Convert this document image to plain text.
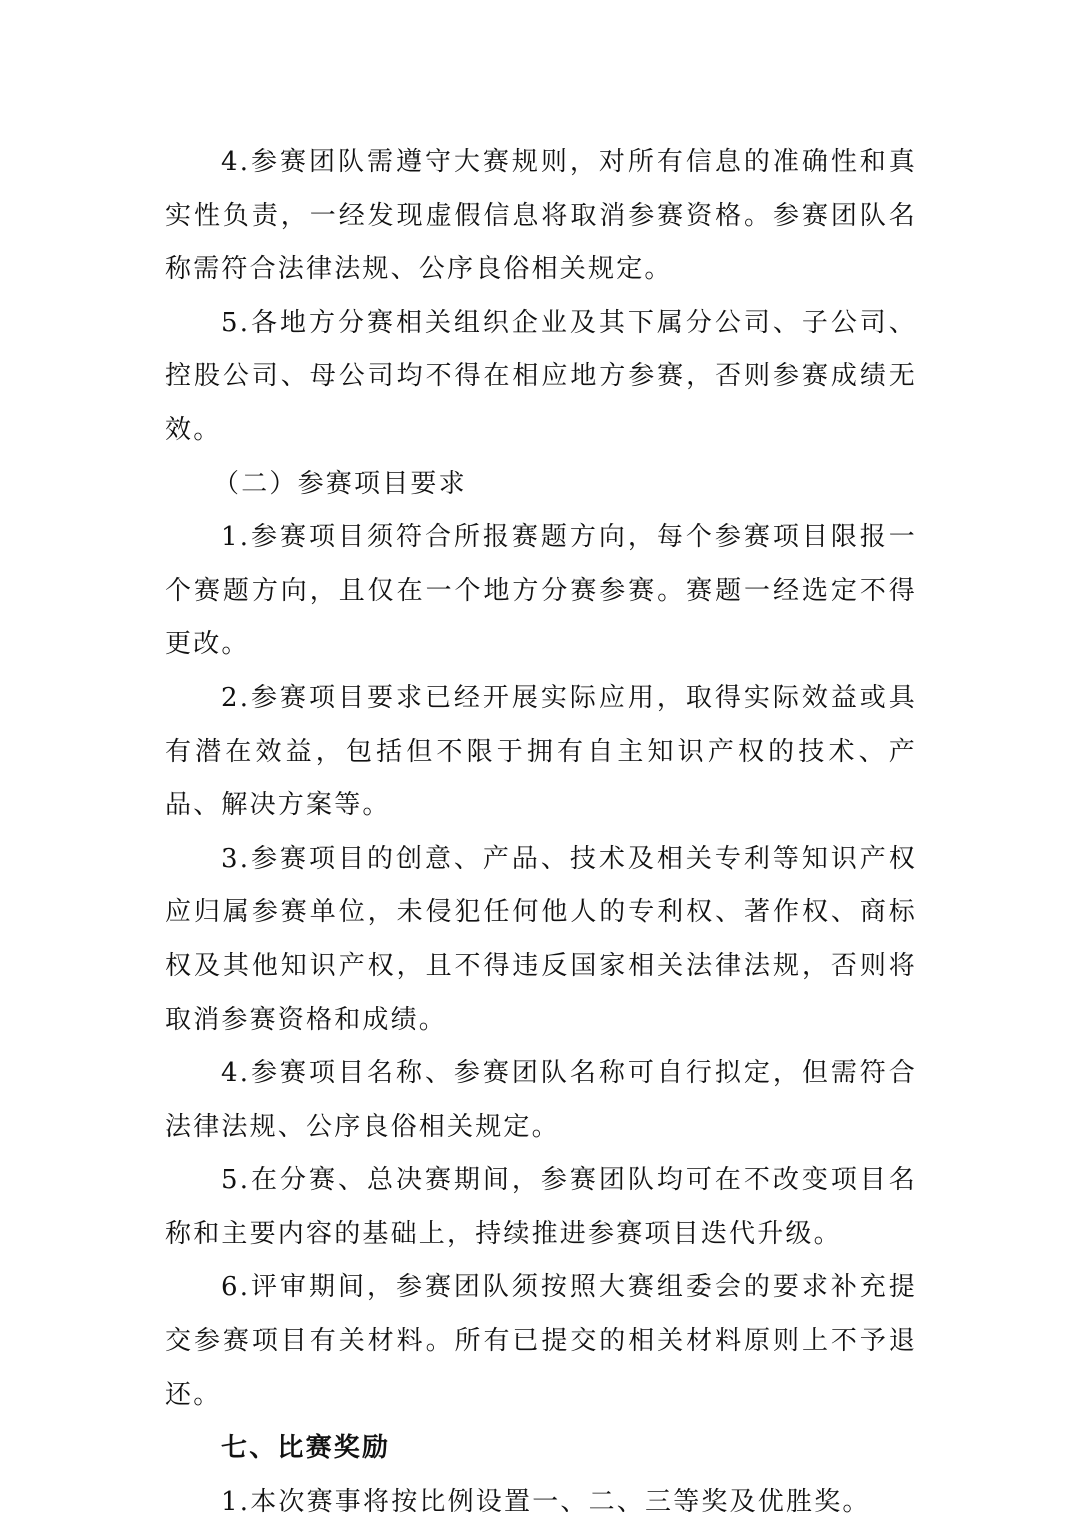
4.参赛团队需遵守大赛规则，对所有信息的准确性和真实性负责，一经发现虚假信息将取消参赛资格。参赛团队名称需符合法律法规、公序良俗相关规定。

5.各地方分赛相关组织企业及其下属分公司、子公司、控股公司、母公司均不得在相应地方参赛，否则参赛成绩无效。

（二）参赛项目要求

1.参赛项目须符合所报赛题方向，每个参赛项目限报一个赛题方向，且仅在一个地方分赛参赛。赛题一经选定不得更改。

2.参赛项目要求已经开展实际应用，取得实际效益或具有潜在效益，包括但不限于拥有自主知识产权的技术、产品、解决方案等。

3.参赛项目的创意、产品、技术及相关专利等知识产权应归属参赛单位，未侵犯任何他人的专利权、著作权、商标权及其他知识产权，且不得违反国家相关法律法规，否则将取消参赛资格和成绩。

4.参赛项目名称、参赛团队名称可自行拟定，但需符合法律法规、公序良俗相关规定。

5.在分赛、总决赛期间，参赛团队均可在不改变项目名称和主要内容的基础上，持续推进参赛项目迭代升级。

6.评审期间，参赛团队须按照大赛组委会的要求补充提交参赛项目有关材料。所有已提交的相关材料原则上不予退还。

七、比赛奖励

1.本次赛事将按比例设置一、二、三等奖及优胜奖。
